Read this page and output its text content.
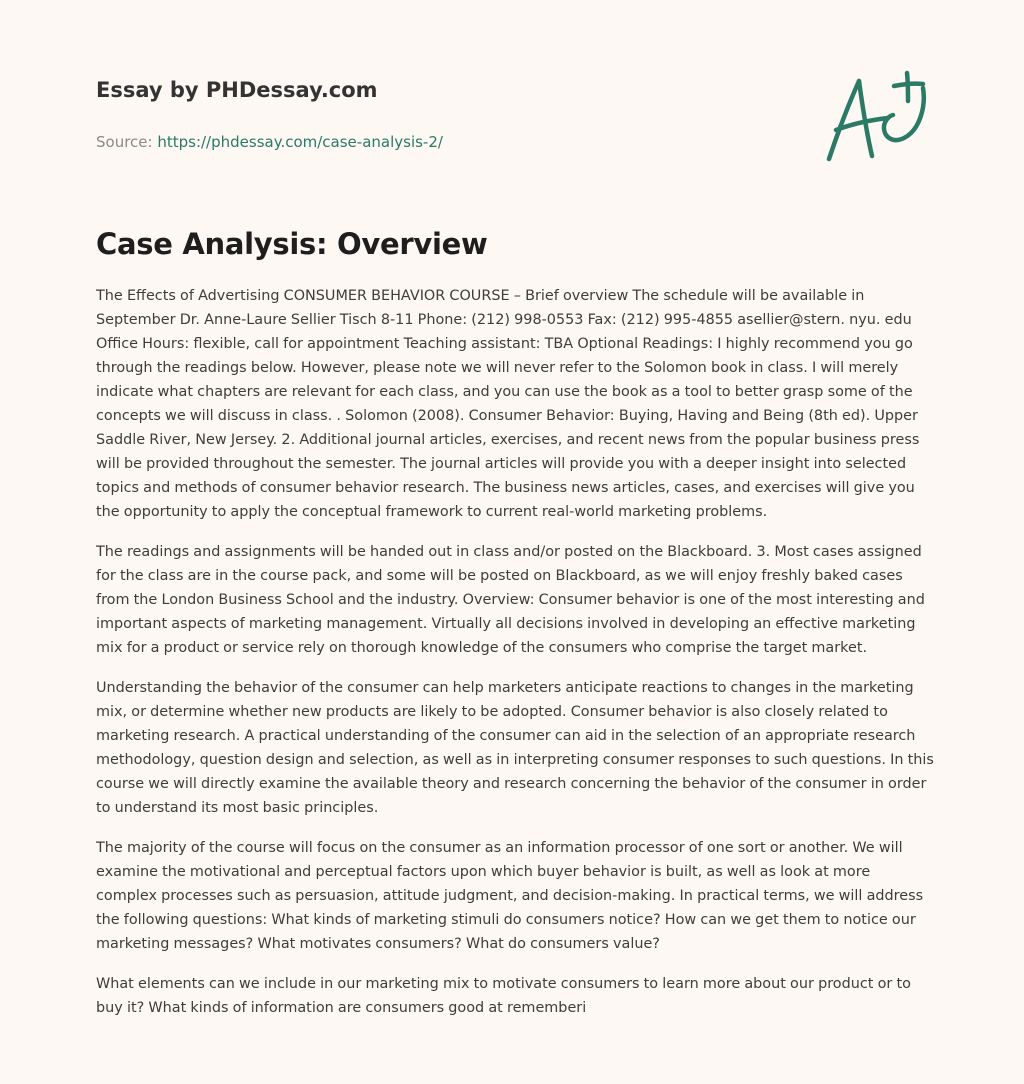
Essay by PHDessay.com
Source: https://phdessay.com/case-analysis-2/
Case Analysis: Overview

The Effects of Advertising CONSUMER BEHAVIOR COURSE – Brief overview The schedule will be available in September Dr. Anne-Laure Sellier Tisch 8-11 Phone: (212) 998-0553 Fax: (212) 995-4855 asellier@stern. nyu. edu Office Hours: flexible, call for appointment Teaching assistant: TBA Optional Readings: I highly recommend you go through the readings below. However, please note we will never refer to the Solomon book in class. I will merely indicate what chapters are relevant for each class, and you can use the book as a tool to better grasp some of the concepts we will discuss in class. . Solomon (2008). Consumer Behavior: Buying, Having and Being (8th ed). Upper Saddle River, New Jersey. 2. Additional journal articles, exercises, and recent news from the popular business press will be provided throughout the semester. The journal articles will provide you with a deeper insight into selected topics and methods of consumer behavior research. The business news articles, cases, and exercises will give you the opportunity to apply the conceptual framework to current real-world marketing problems.

The readings and assignments will be handed out in class and/or posted on the Blackboard. 3. Most cases assigned for the class are in the course pack, and some will be posted on Blackboard, as we will enjoy freshly baked cases from the London Business School and the industry. Overview: Consumer behavior is one of the most interesting and important aspects of marketing management. Virtually all decisions involved in developing an effective marketing mix for a product or service rely on thorough knowledge of the consumers who comprise the target market.

Understanding the behavior of the consumer can help marketers anticipate reactions to changes in the marketing mix, or determine whether new products are likely to be adopted. Consumer behavior is also closely related to marketing research. A practical understanding of the consumer can aid in the selection of an appropriate research methodology, question design and selection, as well as in interpreting consumer responses to such questions. In this course we will directly examine the available theory and research concerning the behavior of the consumer in order to understand its most basic principles.

The majority of the course will focus on the consumer as an information processor of one sort or another. We will examine the motivational and perceptual factors upon which buyer behavior is built, as well as look at more complex processes such as persuasion, attitude judgment, and decision-making. In practical terms, we will address the following questions: What kinds of marketing stimuli do consumers notice? How can we get them to notice our marketing messages? What motivates consumers? What do consumers value?

What elements can we include in our marketing mix to motivate consumers to learn more about our product or to buy it? What kinds of information are consumers good at rememberi
